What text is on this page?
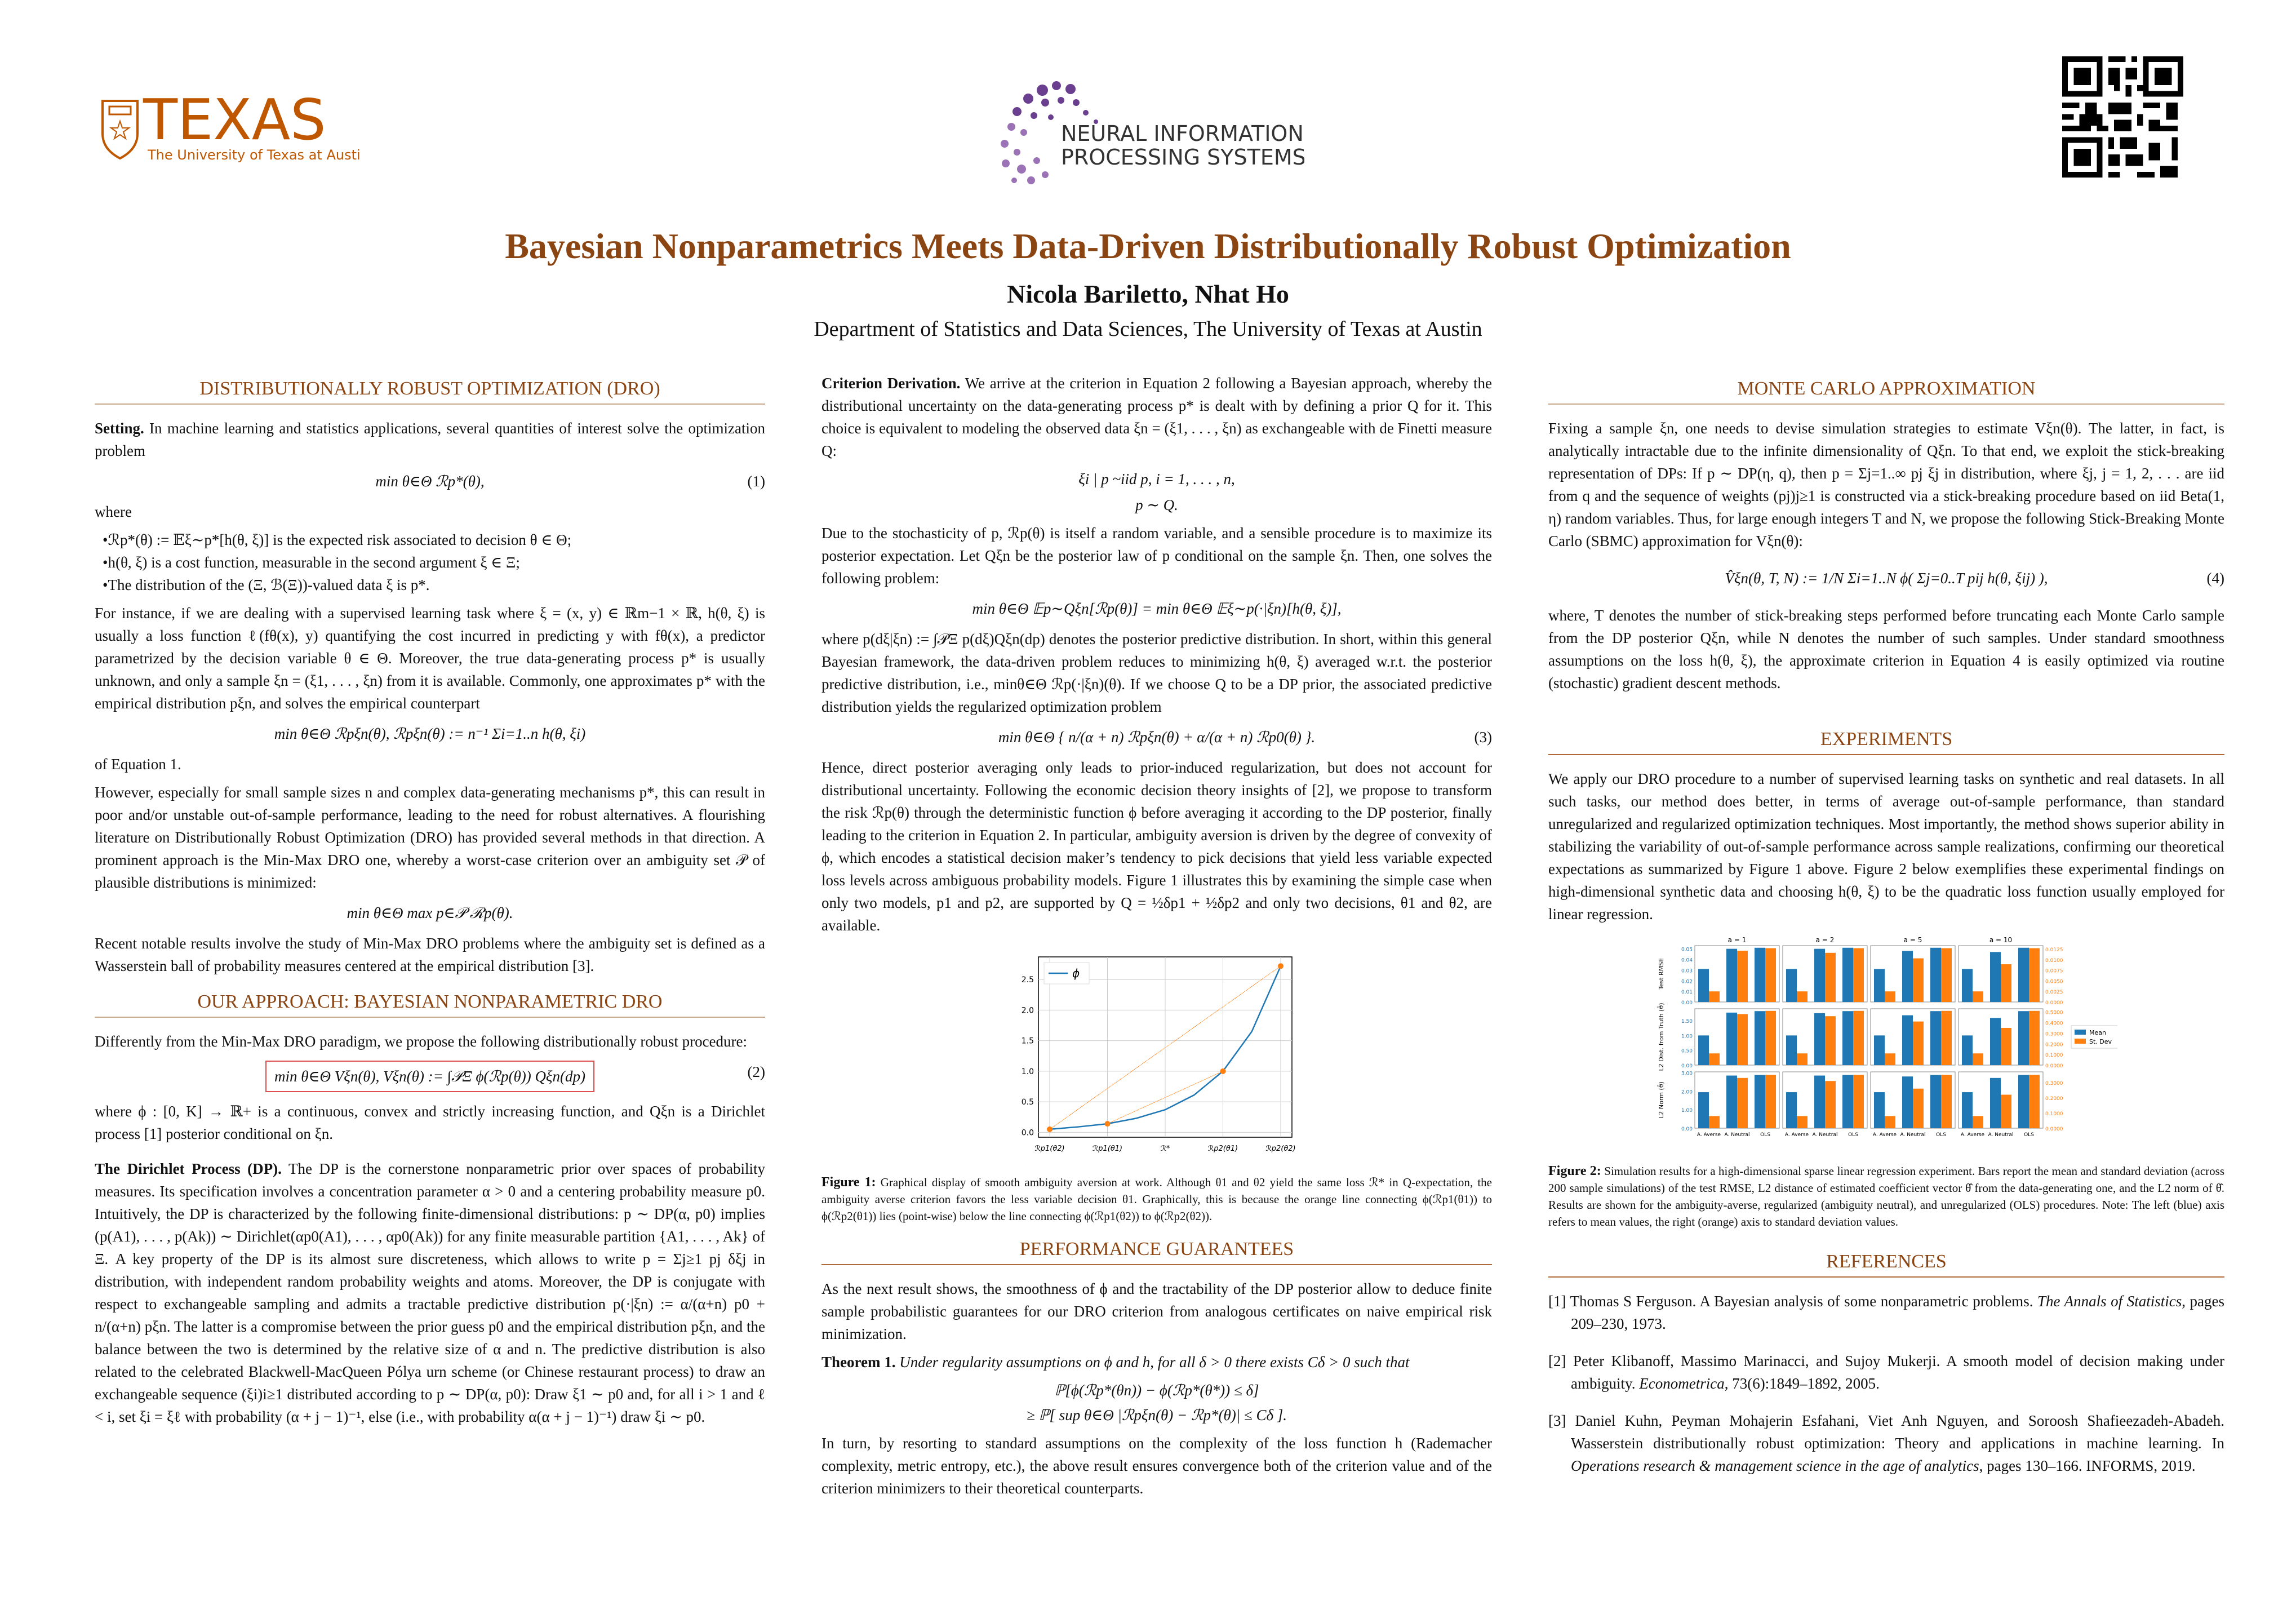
TEXAS
The University of Texas at Austin
NEURAL INFORMATION
PROCESSING SYSTEMS
Bayesian Nonparametrics Meets Data-Driven Distributionally Robust Optimization
Nicola Bariletto, Nhat Ho
Department of Statistics and Data Sciences, The University of Texas at Austin
DISTRIBUTIONALLY ROBUST OPTIMIZATION (DRO)

Setting. In machine learning and statistics applications, several quantities of interest solve the optimization problem

min θ∈Θ ℛp*(θ),	(1)

where

• ℛp*(θ) := 𝔼ξ∼p*[h(θ, ξ)] is the expected risk associated to decision θ ∈ Θ;
• h(θ, ξ) is a cost function, measurable in the second argument ξ ∈ Ξ;
• The distribution of the (Ξ, ℬ(Ξ))-valued data ξ is p*.

For instance, if we are dealing with a supervised learning task where ξ = (x, y) ∈ ℝm−1 × ℝ, h(θ, ξ) is usually a loss function ℓ(fθ(x), y) quantifying the cost incurred in predicting y with fθ(x), a predictor parametrized by the decision variable θ ∈ Θ. Moreover, the true data-generating process p* is usually unknown, and only a sample ξn = (ξ1, . . . , ξn) from it is available. Commonly, one approximates p* with the empirical distribution pξn, and solves the empirical counterpart

min θ∈Θ ℛpξn(θ), ℛpξn(θ) := n⁻¹ Σi=1..n h(θ, ξi)

of Equation 1.

However, especially for small sample sizes n and complex data-generating mechanisms p*, this can result in poor and/or unstable out-of-sample performance, leading to the need for robust alternatives. A flourishing literature on Distributionally Robust Optimization (DRO) has provided several methods in that direction. A prominent approach is the Min-Max DRO one, whereby a worst-case criterion over an ambiguity set 𝒫 of plausible distributions is minimized:

min θ∈Θ max p∈𝒫 ℛp(θ).

Recent notable results involve the study of Min-Max DRO problems where the ambiguity set is defined as a Wasserstein ball of probability measures centered at the empirical distribution [3].

OUR APPROACH: BAYESIAN NONPARAMETRIC DRO

Differently from the Min-Max DRO paradigm, we propose the following distributionally robust procedure:

min θ∈Θ Vξn(θ), Vξn(θ) := ∫𝒫Ξ ϕ(ℛp(θ)) Qξn(dp)	(2)

where ϕ : [0, K] → ℝ+ is a continuous, convex and strictly increasing function, and Qξn is a Dirichlet process [1] posterior conditional on ξn.

The Dirichlet Process (DP). The DP is the cornerstone nonparametric prior over spaces of probability measures. Its specification involves a concentration parameter α > 0 and a centering probability measure p0. Intuitively, the DP is characterized by the following finite-dimensional distributions: p ∼ DP(α, p0) implies (p(A1), . . . , p(Ak)) ∼ Dirichlet(αp0(A1), . . . , αp0(Ak)) for any finite measurable partition {A1, . . . , Ak} of Ξ. A key property of the DP is its almost sure discreteness, which allows to write p = Σj≥1 pj δξj in distribution, with independent random probability weights and atoms. Moreover, the DP is conjugate with respect to exchangeable sampling and admits a tractable predictive distribution p(·|ξn) := α/(α+n) p0 + n/(α+n) pξn. The latter is a compromise between the prior guess p0 and the empirical distribution pξn, and the balance between the two is determined by the relative size of α and n. The predictive distribution is also related to the celebrated Blackwell-MacQueen Pólya urn scheme (or Chinese restaurant process) to draw an exchangeable sequence (ξi)i≥1 distributed according to p ∼ DP(α, p0): Draw ξ1 ∼ p0 and, for all i > 1 and ℓ < i, set ξi = ξℓ with probability (α + j − 1)⁻¹, else (i.e., with probability α(α + j − 1)⁻¹) draw ξi ∼ p0.

Criterion Derivation. We arrive at the criterion in Equation 2 following a Bayesian approach, whereby the distributional uncertainty on the data-generating process p* is dealt with by defining a prior Q for it. This choice is equivalent to modeling the observed data ξn = (ξ1, . . . , ξn) as exchangeable with de Finetti measure Q:

ξi | p ~iid p, i = 1, . . . , n,
p ∼ Q.

Due to the stochasticity of p, ℛp(θ) is itself a random variable, and a sensible procedure is to maximize its posterior expectation. Let Qξn be the posterior law of p conditional on the sample ξn. Then, one solves the following problem:

min θ∈Θ 𝔼p∼Qξn[ℛp(θ)] = min θ∈Θ 𝔼ξ∼p(·|ξn)[h(θ, ξ)],

where p(dξ|ξn) := ∫𝒫Ξ p(dξ)Qξn(dp) denotes the posterior predictive distribution. In short, within this general Bayesian framework, the data-driven problem reduces to minimizing h(θ, ξ) averaged w.r.t. the posterior predictive distribution, i.e., minθ∈Θ ℛp(·|ξn)(θ). If we choose Q to be a DP prior, the associated predictive distribution yields the regularized optimization problem

min θ∈Θ { n/(α + n) ℛpξn(θ) + α/(α + n) ℛp0(θ) }.	(3)

Hence, direct posterior averaging only leads to prior-induced regularization, but does not account for distributional uncertainty. Following the economic decision theory insights of [2], we propose to transform the risk ℛp(θ) through the deterministic function ϕ before averaging it according to the DP posterior, finally leading to the criterion in Equation 2. In particular, ambiguity aversion is driven by the degree of convexity of ϕ, which encodes a statistical decision maker’s tendency to pick decisions that yield less variable expected loss levels across ambiguous probability models. Figure 1 illustrates this by examining the simple case when only two models, p1 and p2, are supported by Q = ½δp1 + ½δp2 and only two decisions, θ1 and θ2, are available.

0.0
0.5
1.0
1.5
2.0
2.5
ℛp1(θ2)	ℛp1(θ1)	ℛ*	ℛp2(θ1)	ℛp2(θ2)
ϕ

Figure 1: Graphical display of smooth ambiguity aversion at work. Although θ1 and θ2 yield the same loss ℛ* in Q-expectation, the ambiguity averse criterion favors the less variable decision θ1. Graphically, this is because the orange line connecting ϕ(ℛp1(θ1)) to ϕ(ℛp2(θ1)) lies (point-wise) below the line connecting ϕ(ℛp1(θ2)) to ϕ(ℛp2(θ2)).

PERFORMANCE GUARANTEES

As the next result shows, the smoothness of ϕ and the tractability of the DP posterior allow to deduce finite sample probabilistic guarantees for our DRO criterion from analogous certificates on naive empirical risk minimization.

Theorem 1. Under regularity assumptions on ϕ and h, for all δ > 0 there exists Cδ > 0 such that

ℙ[ϕ(ℛp*(θn)) − ϕ(ℛp*(θ*)) ≤ δ]
≥ ℙ[ sup θ∈Θ |ℛpξn(θ) − ℛp*(θ)| ≤ Cδ ].

In turn, by resorting to standard assumptions on the complexity of the loss function h (Rademacher complexity, metric entropy, etc.), the above result ensures convergence both of the criterion value and of the criterion minimizers to their theoretical counterparts.

MONTE CARLO APPROXIMATION

Fixing a sample ξn, one needs to devise simulation strategies to estimate Vξn(θ). The latter, in fact, is analytically intractable due to the infinite dimensionality of Qξn. To that end, we exploit the stick-breaking representation of DPs: If p ∼ DP(η, q), then p = Σj=1..∞ pj ξj in distribution, where ξj, j = 1, 2, . . . are iid from q and the sequence of weights (pj)j≥1 is constructed via a stick-breaking procedure based on iid Beta(1, η) random variables. Thus, for large enough integers T and N, we propose the following Stick-Breaking Monte Carlo (SBMC) approximation for Vξn(θ):

V̂ξn(θ, T, N) := 1/N Σi=1..N ϕ( Σj=0..T pij h(θ, ξij) ),	(4)

where, T denotes the number of stick-breaking steps performed before truncating each Monte Carlo sample from the DP posterior Qξn, while N denotes the number of such samples. Under standard smoothness assumptions on the loss h(θ, ξ), the approximate criterion in Equation 4 is easily optimized via routine (stochastic) gradient descent methods.

EXPERIMENTS

We apply our DRO procedure to a number of supervised learning tasks on synthetic and real datasets. In all such tasks, our method does better, in terms of average out-of-sample performance, than standard unregularized and regularized optimization techniques. Most importantly, the method shows superior ability in stabilizing the variability of out-of-sample performance across sample realizations, confirming our theoretical expectations as summarized by Figure 1 above. Figure 2 below exemplifies these experimental findings on high-dimensional synthetic data and choosing h(θ, ξ) to be the quadratic loss function usually employed for linear regression.

a = 1	a = 2	a = 5	a = 10
Test RMSE
0.00
0.01
0.02
0.03
0.04
0.05
0.0000
0.0025
0.0050
0.0075
0.0100
0.0125
L2 Dist. from Truth (θ̂)	0.00
0.50
1.00
1.50
0.0000
0.1000
0.2000
0.3000
0.4000
0.5000
L2 Norm (θ̂)
0.00
1.00
2.00
3.00
0.0000
0.1000
0.2000
0.3000
A. Averse A. Neutral OLS	A. Averse A. Neutral OLS	A. Averse A. Neutral OLS	A. Averse A. Neutral OLS
Mean
St. Dev

Figure 2: Simulation results for a high-dimensional sparse linear regression experiment. Bars report the mean and standard deviation (across 200 sample simulations) of the test RMSE, L2 distance of estimated coefficient vector θ̂ from the data-generating one, and the L2 norm of θ̂. Results are shown for the ambiguity-averse, regularized (ambiguity neutral), and unregularized (OLS) procedures. Note: The left (blue) axis refers to mean values, the right (orange) axis to standard deviation values.

REFERENCES

[1] Thomas S Ferguson. A Bayesian analysis of some nonparametric problems. The Annals of Statistics, pages 209–230, 1973.

[2] Peter Klibanoff, Massimo Marinacci, and Sujoy Mukerji. A smooth model of decision making under ambiguity. Econometrica, 73(6):1849–1892, 2005.

[3] Daniel Kuhn, Peyman Mohajerin Esfahani, Viet Anh Nguyen, and Soroosh Shafieezadeh-Abadeh. Wasserstein distributionally robust optimization: Theory and applications in machine learning. In Operations research & management science in the age of analytics, pages 130–166. INFORMS, 2019.
